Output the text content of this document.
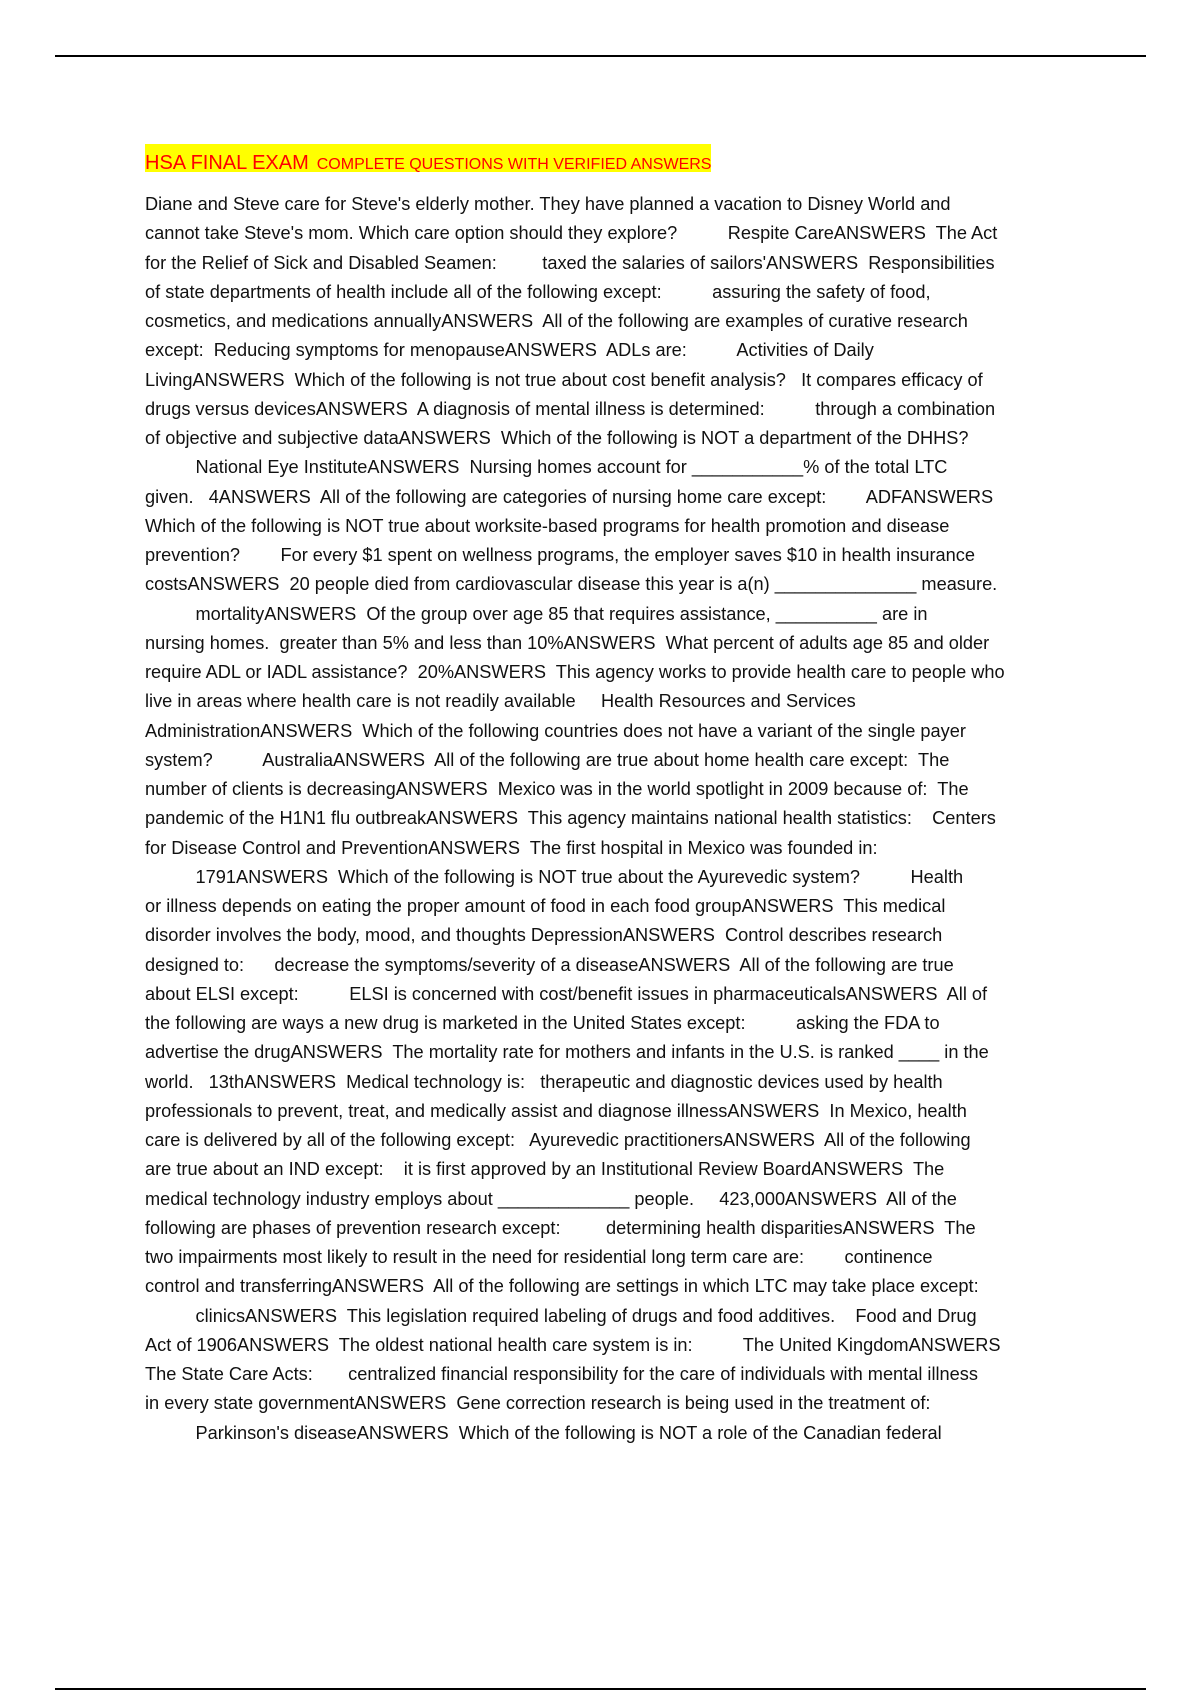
HSA FINAL EXAM COMPLETE QUESTIONS WITH VERIFIED ANSWERS
Diane and Steve care for Steve's elderly mother. They have planned a vacation to Disney World and
cannot take Steve's mom. Which care option should they explore?          Respite CareANSWERS  The Act
for the Relief of Sick and Disabled Seamen:         taxed the salaries of sailors'ANSWERS  Responsibilities
of state departments of health include all of the following except:          assuring the safety of food,
cosmetics, and medications annuallyANSWERS  All of the following are examples of curative research
except:  Reducing symptoms for menopauseANSWERS  ADLs are:          Activities of Daily
LivingANSWERS  Which of the following is not true about cost benefit analysis?   It compares efficacy of
drugs versus devicesANSWERS  A diagnosis of mental illness is determined:          through a combination
of objective and subjective dataANSWERS  Which of the following is NOT a department of the DHHS?
National Eye InstituteANSWERS  Nursing homes account for ___________% of the total LTC
given.   4ANSWERS  All of the following are categories of nursing home care except:        ADFANSWERS
Which of the following is NOT true about worksite-based programs for health promotion and disease
prevention?        For every $1 spent on wellness programs, the employer saves $10 in health insurance
costsANSWERS  20 people died from cardiovascular disease this year is a(n) ______________ measure.
mortalityANSWERS  Of the group over age 85 that requires assistance, __________ are in
nursing homes.  greater than 5% and less than 10%ANSWERS  What percent of adults age 85 and older
require ADL or IADL assistance?  20%ANSWERS  This agency works to provide health care to people who
live in areas where health care is not readily available     Health Resources and Services
AdministrationANSWERS  Which of the following countries does not have a variant of the single payer
system?          AustraliaANSWERS  All of the following are true about home health care except:  The
number of clients is decreasingANSWERS  Mexico was in the world spotlight in 2009 because of:  The
pandemic of the H1N1 flu outbreakANSWERS  This agency maintains national health statistics:    Centers
for Disease Control and PreventionANSWERS  The first hospital in Mexico was founded in:
1791ANSWERS  Which of the following is NOT true about the Ayurevedic system?          Health
or illness depends on eating the proper amount of food in each food groupANSWERS  This medical
disorder involves the body, mood, and thoughts DepressionANSWERS  Control describes research
designed to:      decrease the symptoms/severity of a diseaseANSWERS  All of the following are true
about ELSI except:          ELSI is concerned with cost/benefit issues in pharmaceuticalsANSWERS  All of
the following are ways a new drug is marketed in the United States except:          asking the FDA to
advertise the drugANSWERS  The mortality rate for mothers and infants in the U.S. is ranked ____ in the
world.   13thANSWERS  Medical technology is:   therapeutic and diagnostic devices used by health
professionals to prevent, treat, and medically assist and diagnose illnessANSWERS  In Mexico, health
care is delivered by all of the following except:   Ayurevedic practitionersANSWERS  All of the following
are true about an IND except:    it is first approved by an Institutional Review BoardANSWERS  The
medical technology industry employs about _____________ people.     423,000ANSWERS  All of the
following are phases of prevention research except:         determining health disparitiesANSWERS  The
two impairments most likely to result in the need for residential long term care are:        continence
control and transferringANSWERS  All of the following are settings in which LTC may take place except:
clinicsANSWERS  This legislation required labeling of drugs and food additives.    Food and Drug
Act of 1906ANSWERS  The oldest national health care system is in:          The United KingdomANSWERS
The State Care Acts:       centralized financial responsibility for the care of individuals with mental illness
in every state governmentANSWERS  Gene correction research is being used in the treatment of:
Parkinson's diseaseANSWERS  Which of the following is NOT a role of the Canadian federal
